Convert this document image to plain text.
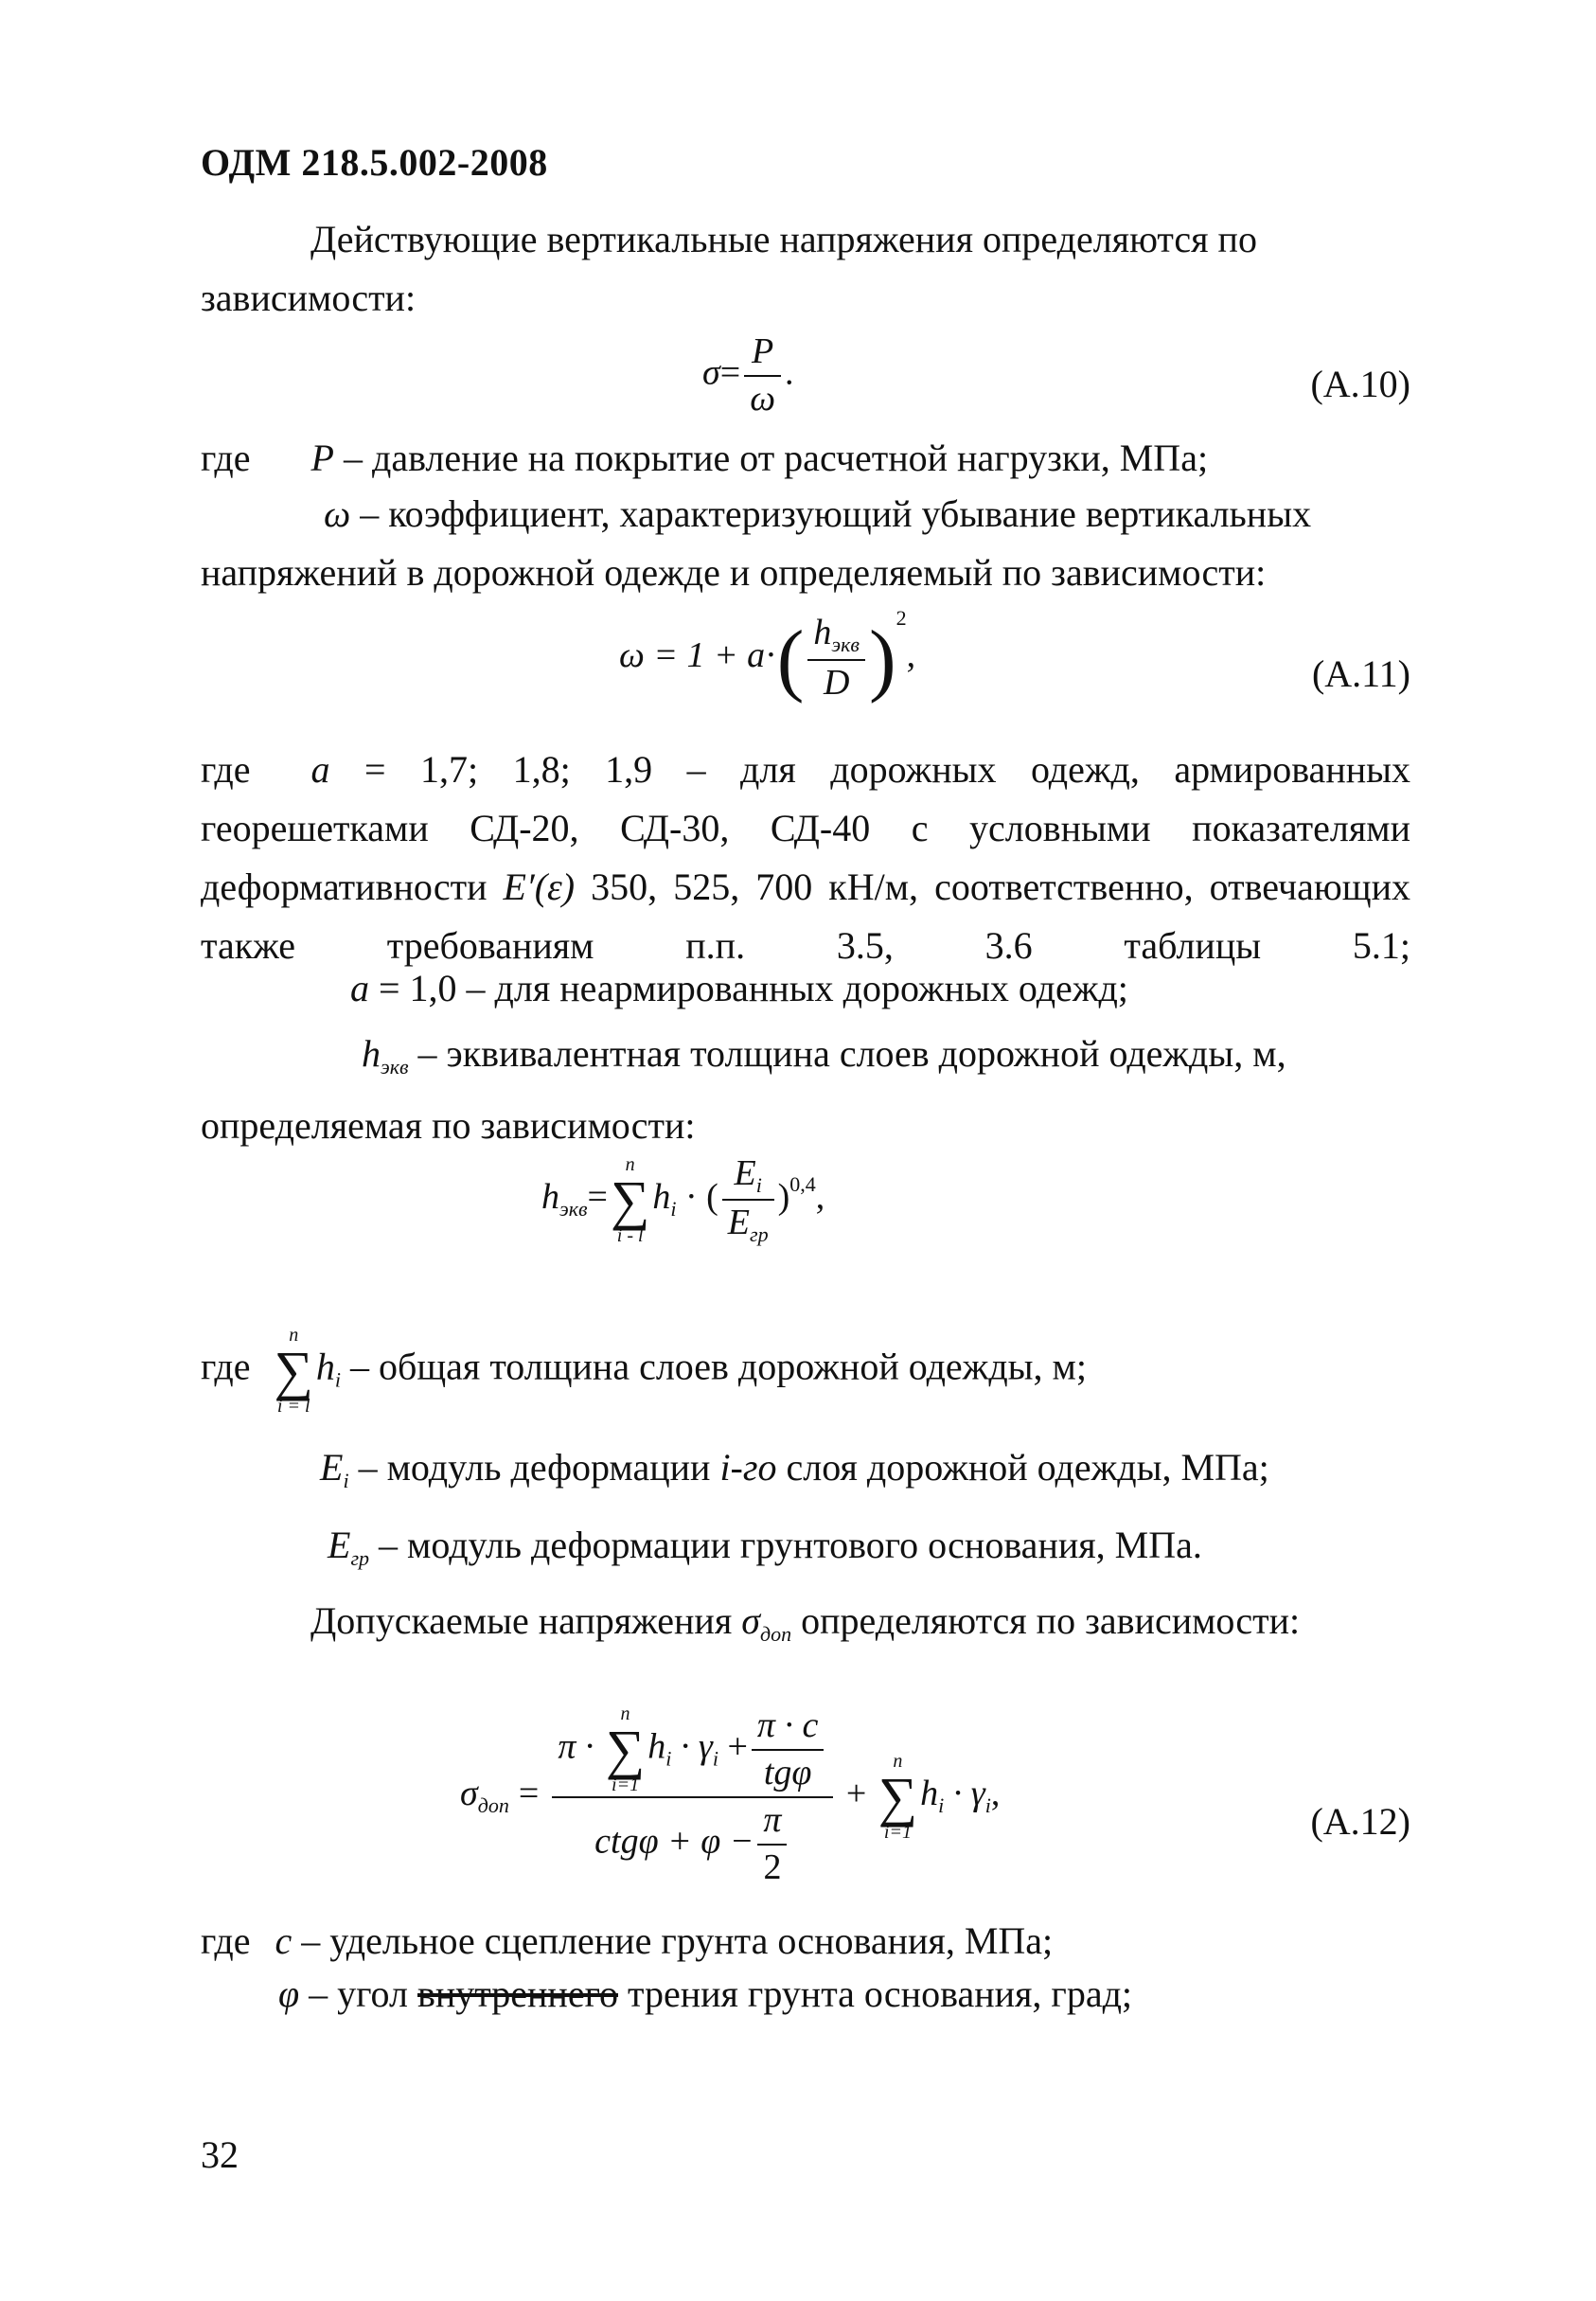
ОДМ 218.5.002-2008
Действующие вертикальные напряжения определяются по зависимости:
$\sigma= \frac{P}{\omega}$ .	(А.10)
где P – давление на покрытие от расчетной нагрузки, МПа;
ω – коэффициент, характеризующий убывание вертикальных напряжений в дорожной одежде и определяемый по зависимости:
$\omega = 1 + a\cdot( \frac{h_{экв}}{D} )^2$,	(А.11)
где a = 1,7; 1,8; 1,9 – для дорожных одежд, армированных георешетками СД-20, СД-30, СД-40 с условными показателями деформативности E′(ε) 350, 525, 700 кН/м, соответственно, отвечающих также требованиям п.п. 3.5, 3.6 таблицы 5.1;
a = 1,0 – для неармированных дорожных одежд;
$h_{экв}$ – эквивалентная толщина слоев дорожной одежды, м, определяемая по зависимости:
$h_{экв}=$
n
∑
i - l
$h_i$ · ( $\frac{E_i}{E_{гр}} )^{0,4}$,
где
n
∑
i = l
$h_i$ – общая толщина слоев дорожной одежды, м;
$E_i$ – модуль деформации i-го слоя дорожной одежды, МПа;
$E_{гр}$ – модуль деформации грунтового основания, МПа.
Допускаемые напряжения $\sigma_{доп}$ определяются по зависимости:
$\sigma_{доп} = \pi$ ·
n
∑
i=1
$h_i \cdot \gamma_i + \frac{\pi \cdot c}{\text{tgφ}}$
$ctg\varphi + \varphi - \frac{\pi}{2}$ +
n
∑
i=1
$h_i \cdot \gamma_i$,
(А.12)
где c – удельное сцепление грунта основания, МПа;
φ – угол внутреннего трения грунта основания, град;
32
